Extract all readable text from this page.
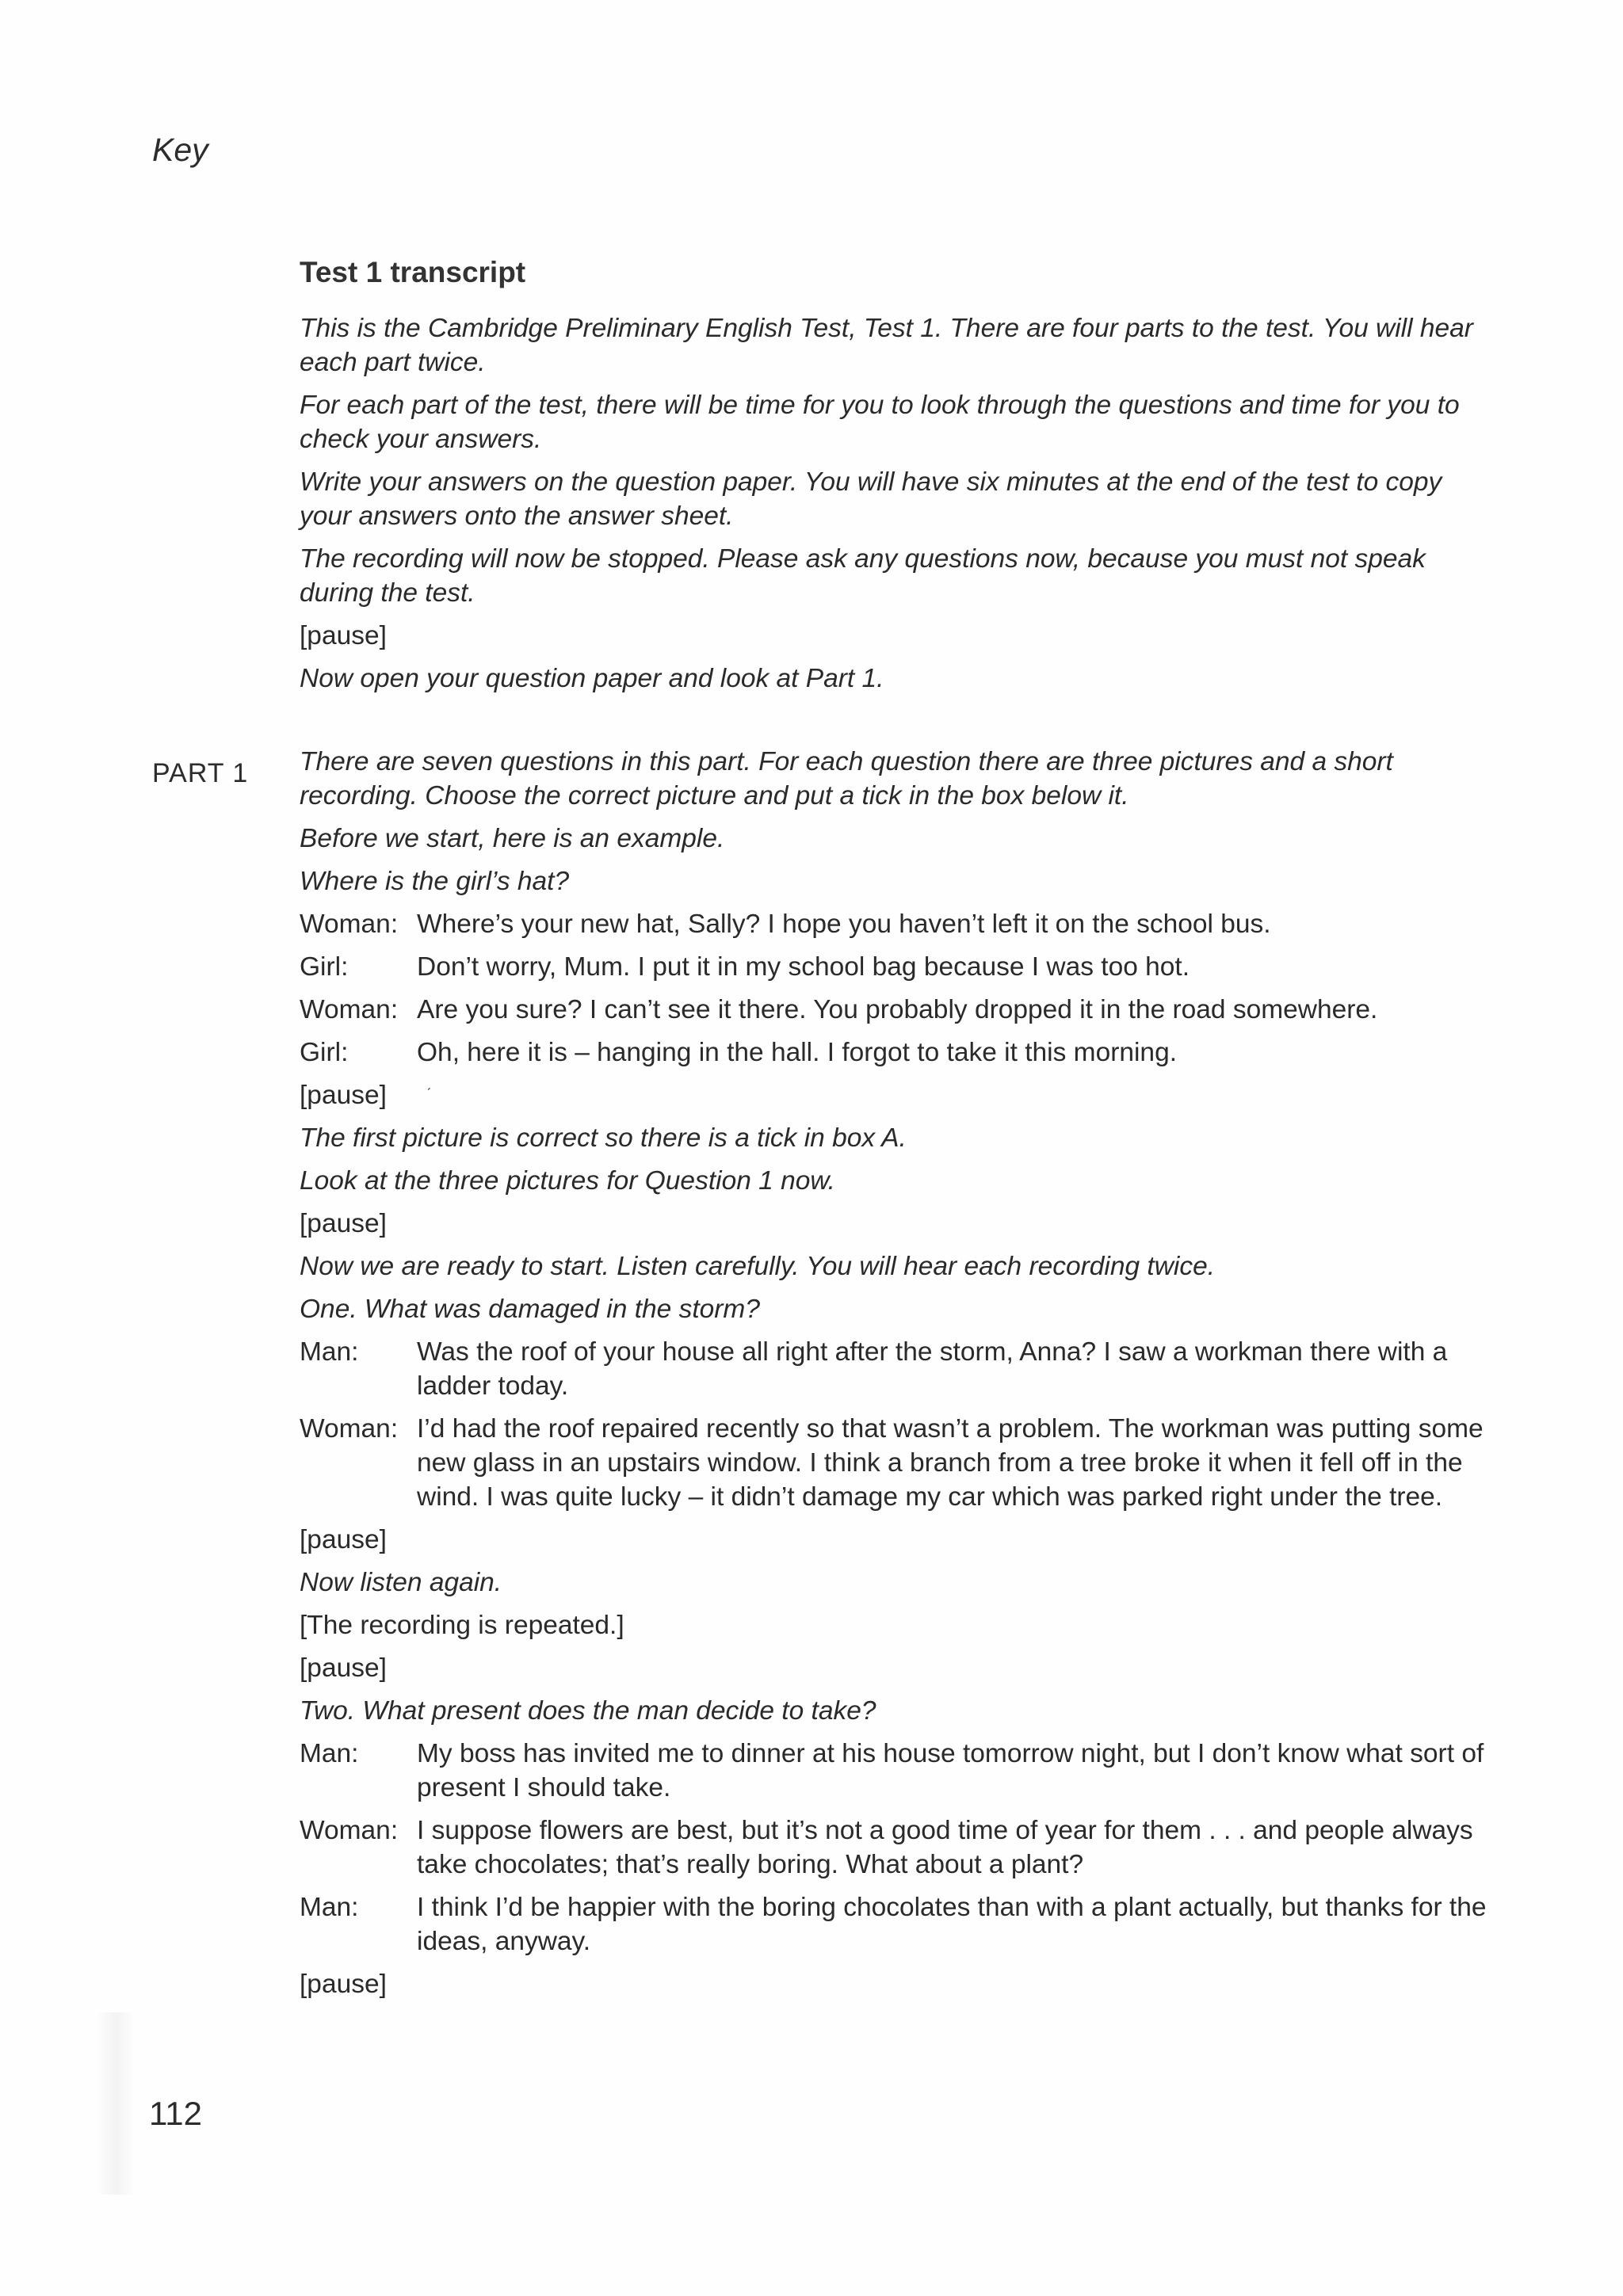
Key
PART 1
Test 1 transcript
This is the Cambridge Preliminary English Test, Test 1. There are four parts to the test. You will hear each part twice.
For each part of the test, there will be time for you to look through the questions and time for you to check your answers.
Write your answers on the question paper. You will have six minutes at the end of the test to copy your answers onto the answer sheet.
The recording will now be stopped. Please ask any questions now, because you must not speak during the test.
[pause]
Now open your question paper and look at Part 1.
There are seven questions in this part. For each question there are three pictures and a short recording. Choose the correct picture and put a tick in the box below it.
Before we start, here is an example.
Where is the girl’s hat?
Woman: Where’s your new hat, Sally? I hope you haven’t left it on the school bus.
Girl:	Don’t worry, Mum. I put it in my school bag because I was too hot.
Woman: Are you sure? I can’t see it there. You probably dropped it in the road somewhere.
Girl:	Oh, here it is – hanging in the hall. I forgot to take it this morning.
[pause]	ˊ
The first picture is correct so there is a tick in box A.
Look at the three pictures for Question 1 now.
[pause]
Now we are ready to start. Listen carefully. You will hear each recording twice.
One. What was damaged in the storm?
Man:	Was the roof of your house all right after the storm, Anna? I saw a workman there with a ladder today.
Woman: I’d had the roof repaired recently so that wasn’t a problem. The workman was putting some new glass in an upstairs window. I think a branch from a tree broke it when it fell off in the wind. I was quite lucky – it didn’t damage my car which was parked right under the tree.
[pause]
Now listen again.
[The recording is repeated.]
[pause]
Two. What present does the man decide to take?
Man:	My boss has invited me to dinner at his house tomorrow night, but I don’t know what sort of present I should take.
Woman: I suppose flowers are best, but it’s not a good time of year for them . . . and people always take chocolates; that’s really boring. What about a plant?
Man:	I think I’d be happier with the boring chocolates than with a plant actually, but thanks for the ideas, anyway.
[pause]
112
